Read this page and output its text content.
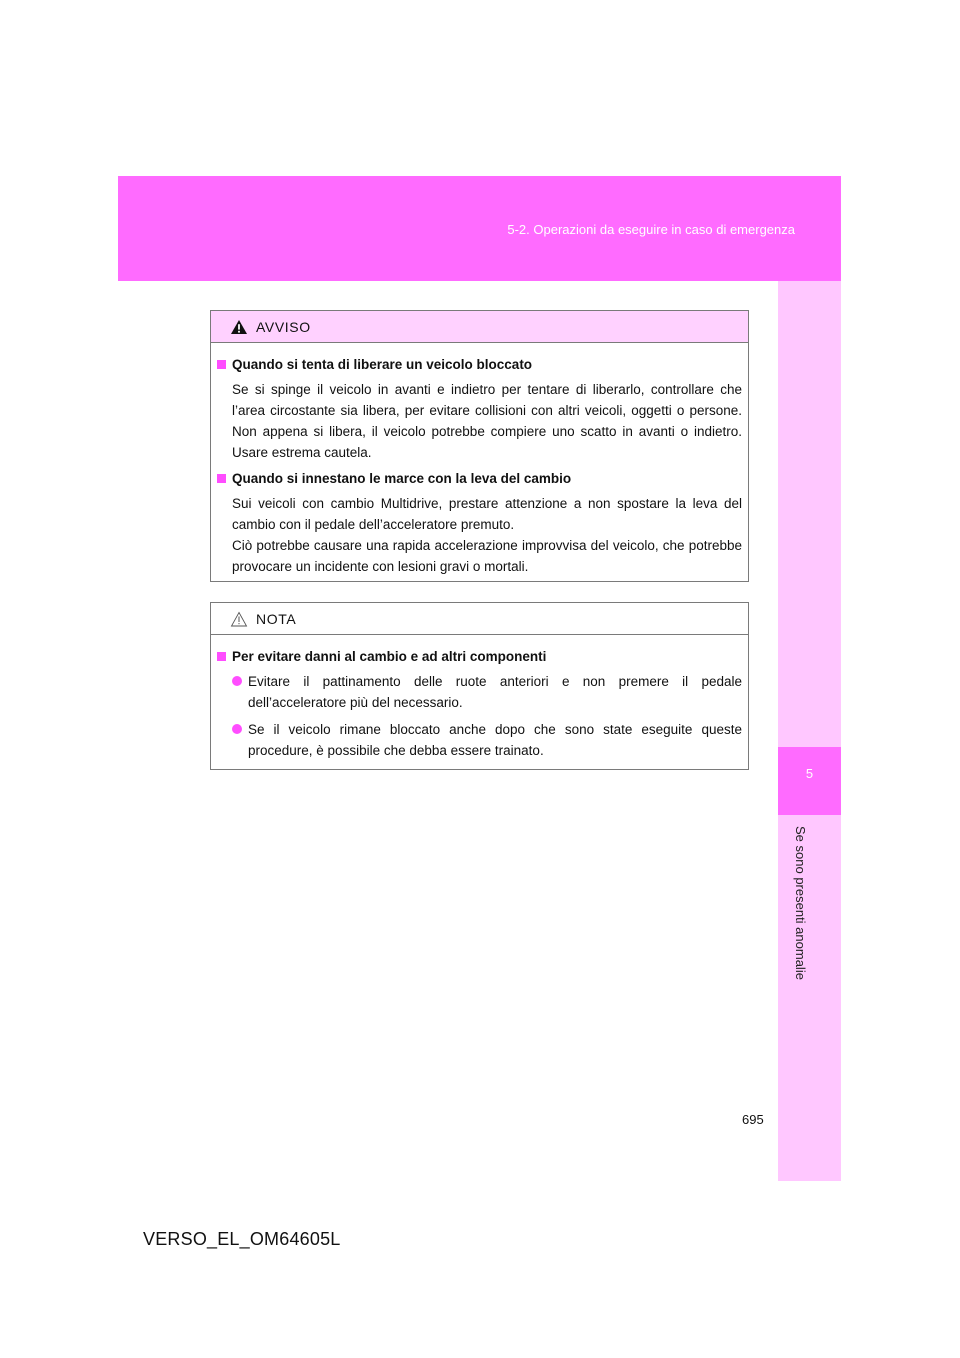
5-2. Operazioni da eseguire in caso di emergenza
5
Se sono presenti anomalie
AVVISO
Quando si tenta di liberare un veicolo bloccato
Se si spinge il veicolo in avanti e indietro per tentare di liberarlo, controllare che l’area circostante sia libera, per evitare collisioni con altri veicoli, oggetti o persone. Non appena si libera, il veicolo potrebbe compiere uno scatto in avanti o indietro. Usare estrema cautela.
Quando si innestano le marce con la leva del cambio
Sui veicoli con cambio Multidrive, prestare attenzione a non spostare la leva del cambio con il pedale dell’acceleratore premuto.
Ciò potrebbe causare una rapida accelerazione improvvisa del veicolo, che potrebbe provocare un incidente con lesioni gravi o mortali.
NOTA
Per evitare danni al cambio e ad altri componenti
Evitare il pattinamento delle ruote anteriori e non premere il pedale dell’acceleratore più del necessario.
Se il veicolo rimane bloccato anche dopo che sono state eseguite queste procedure, è possibile che debba essere trainato.
695
VERSO_EL_OM64605L
